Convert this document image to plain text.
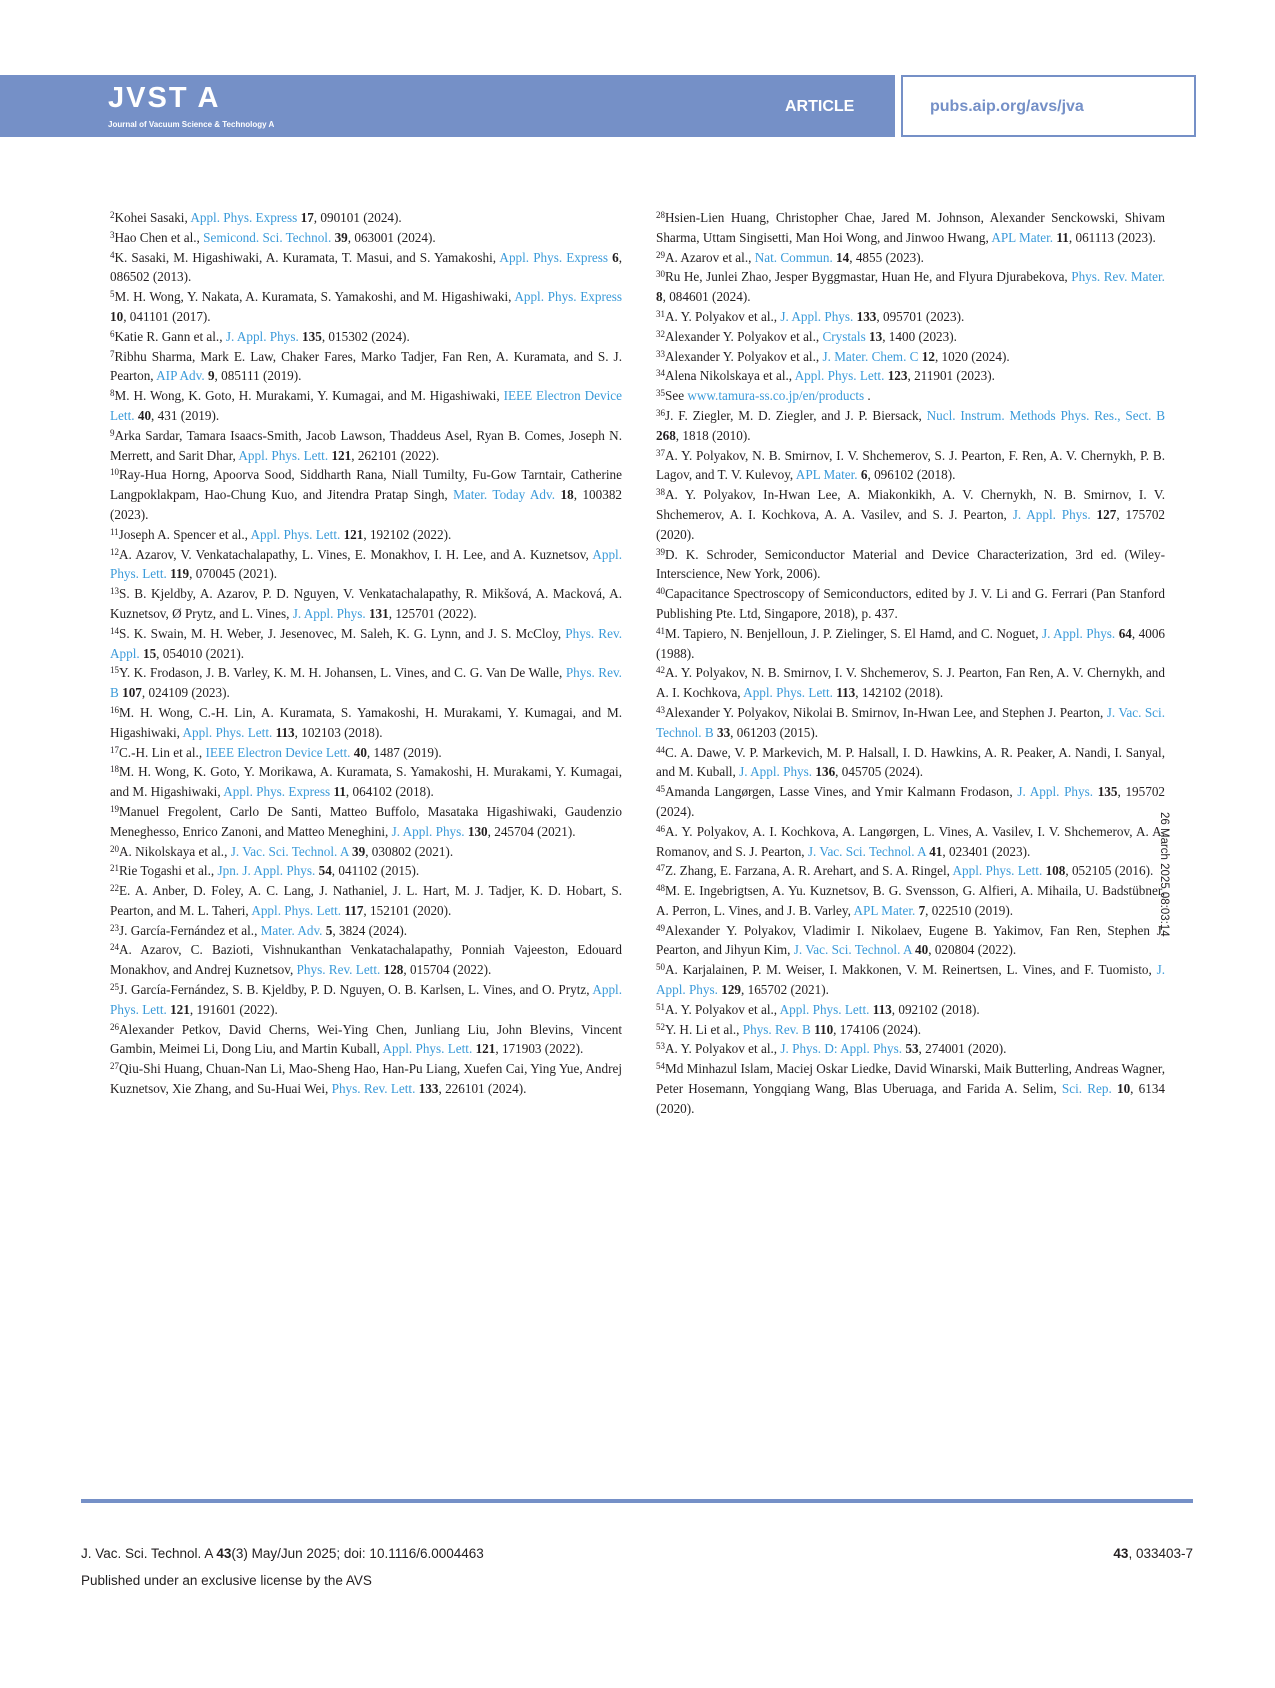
JVST A
Journal of Vacuum Science & Technology A
ARTICLE	pubs.aip.org/avs/jva

$^2$Kohei Sasaki, Appl. Phys. Express 17, 090101 (2024).

$^3$Hao Chen et al., Semicond. Sci. Technol. 39, 063001 (2024).

$^4$K. Sasaki, M. Higashiwaki, A. Kuramata, T. Masui, and S. Yamakoshi, Appl. Phys. Express 6, 086502 (2013).

$^5$M. H. Wong, Y. Nakata, A. Kuramata, S. Yamakoshi, and M. Higashiwaki, Appl. Phys. Express 10, 041101 (2017).

$^6$Katie R. Gann et al., J. Appl. Phys. 135, 015302 (2024).

$^7$Ribhu Sharma, Mark E. Law, Chaker Fares, Marko Tadjer, Fan Ren, A. Kuramata, and S. J. Pearton, AIP Adv. 9, 085111 (2019).

$^8$M. H. Wong, K. Goto, H. Murakami, Y. Kumagai, and M. Higashiwaki, IEEE Electron Device Lett. 40, 431 (2019).

$^9$Arka Sardar, Tamara Isaacs-Smith, Jacob Lawson, Thaddeus Asel, Ryan B. Comes, Joseph N. Merrett, and Sarit Dhar, Appl. Phys. Lett. 121, 262101 (2022).

$^{10}$Ray-Hua Horng, Apoorva Sood, Siddharth Rana, Niall Tumilty, Fu-Gow Tarntair, Catherine Langpoklakpam, Hao-Chung Kuo, and Jitendra Pratap Singh, Mater. Today Adv. 18, 100382 (2023).

$^{11}$Joseph A. Spencer et al., Appl. Phys. Lett. 121, 192102 (2022).

$^{12}$A. Azarov, V. Venkatachalapathy, L. Vines, E. Monakhov, I. H. Lee, and A. Kuznetsov, Appl. Phys. Lett. 119, 070045 (2021).

$^{13}$S. B. Kjeldby, A. Azarov, P. D. Nguyen, V. Venkatachalapathy, R. Mikšová, A. Macková, A. Kuznetsov, Ø Prytz, and L. Vines, J. Appl. Phys. 131, 125701 (2022).

$^{14}$S. K. Swain, M. H. Weber, J. Jesenovec, M. Saleh, K. G. Lynn, and J. S. McCloy, Phys. Rev. Appl. 15, 054010 (2021).

$^{15}$Y. K. Frodason, J. B. Varley, K. M. H. Johansen, L. Vines, and C. G. Van De Walle, Phys. Rev. B 107, 024109 (2023).

$^{16}$M. H. Wong, C.-H. Lin, A. Kuramata, S. Yamakoshi, H. Murakami, Y. Kumagai, and M. Higashiwaki, Appl. Phys. Lett. 113, 102103 (2018).

$^{17}$C.-H. Lin et al., IEEE Electron Device Lett. 40, 1487 (2019).

$^{18}$M. H. Wong, K. Goto, Y. Morikawa, A. Kuramata, S. Yamakoshi, H. Murakami, Y. Kumagai, and M. Higashiwaki, Appl. Phys. Express 11, 064102 (2018).

$^{19}$Manuel Fregolent, Carlo De Santi, Matteo Buffolo, Masataka Higashiwaki, Gaudenzio Meneghesso, Enrico Zanoni, and Matteo Meneghini, J. Appl. Phys. 130, 245704 (2021).

$^{20}$A. Nikolskaya et al., J. Vac. Sci. Technol. A 39, 030802 (2021).

$^{21}$Rie Togashi et al., Jpn. J. Appl. Phys. 54, 041102 (2015).

$^{22}$E. A. Anber, D. Foley, A. C. Lang, J. Nathaniel, J. L. Hart, M. J. Tadjer, K. D. Hobart, S. Pearton, and M. L. Taheri, Appl. Phys. Lett. 117, 152101 (2020).

$^{23}$J. García-Fernández et al., Mater. Adv. 5, 3824 (2024).

$^{24}$A. Azarov, C. Bazioti, Vishnukanthan Venkatachalapathy, Ponniah Vajeeston, Edouard Monakhov, and Andrej Kuznetsov, Phys. Rev. Lett. 128, 015704 (2022).

$^{25}$J. García-Fernández, S. B. Kjeldby, P. D. Nguyen, O. B. Karlsen, L. Vines, and O. Prytz, Appl. Phys. Lett. 121, 191601 (2022).

$^{26}$Alexander Petkov, David Cherns, Wei-Ying Chen, Junliang Liu, John Blevins, Vincent Gambin, Meimei Li, Dong Liu, and Martin Kuball, Appl. Phys. Lett. 121, 171903 (2022).

$^{27}$Qiu-Shi Huang, Chuan-Nan Li, Mao-Sheng Hao, Han-Pu Liang, Xuefen Cai, Ying Yue, Andrej Kuznetsov, Xie Zhang, and Su-Huai Wei, Phys. Rev. Lett. 133, 226101 (2024).

$^{28}$Hsien-Lien Huang, Christopher Chae, Jared M. Johnson, Alexander Senckowski, Shivam Sharma, Uttam Singisetti, Man Hoi Wong, and Jinwoo Hwang, APL Mater. 11, 061113 (2023).

$^{29}$A. Azarov et al., Nat. Commun. 14, 4855 (2023).

$^{30}$Ru He, Junlei Zhao, Jesper Byggmastar, Huan He, and Flyura Djurabekova, Phys. Rev. Mater. 8, 084601 (2024).

$^{31}$A. Y. Polyakov et al., J. Appl. Phys. 133, 095701 (2023).

$^{32}$Alexander Y. Polyakov et al., Crystals 13, 1400 (2023).

$^{33}$Alexander Y. Polyakov et al., J. Mater. Chem. C 12, 1020 (2024).

$^{34}$Alena Nikolskaya et al., Appl. Phys. Lett. 123, 211901 (2023).

$^{35}$See www.tamura-ss.co.jp/en/products .

$^{36}$J. F. Ziegler, M. D. Ziegler, and J. P. Biersack, Nucl. Instrum. Methods Phys. Res., Sect. B 268, 1818 (2010).

$^{37}$A. Y. Polyakov, N. B. Smirnov, I. V. Shchemerov, S. J. Pearton, F. Ren, A. V. Chernykh, P. B. Lagov, and T. V. Kulevoy, APL Mater. 6, 096102 (2018).

$^{38}$A. Y. Polyakov, In-Hwan Lee, A. Miakonkikh, A. V. Chernykh, N. B. Smirnov, I. V. Shchemerov, A. I. Kochkova, A. A. Vasilev, and S. J. Pearton, J. Appl. Phys. 127, 175702 (2020).

$^{39}$D. K. Schroder, Semiconductor Material and Device Characterization, 3rd ed. (Wiley-Interscience, New York, 2006).

$^{40}$Capacitance Spectroscopy of Semiconductors, edited by J. V. Li and G. Ferrari (Pan Stanford Publishing Pte. Ltd, Singapore, 2018), p. 437.

$^{41}$M. Tapiero, N. Benjelloun, J. P. Zielinger, S. El Hamd, and C. Noguet, J. Appl. Phys. 64, 4006 (1988).

$^{42}$A. Y. Polyakov, N. B. Smirnov, I. V. Shchemerov, S. J. Pearton, Fan Ren, A. V. Chernykh, and A. I. Kochkova, Appl. Phys. Lett. 113, 142102 (2018).

$^{43}$Alexander Y. Polyakov, Nikolai B. Smirnov, In-Hwan Lee, and Stephen J. Pearton, J. Vac. Sci. Technol. B 33, 061203 (2015).

$^{44}$C. A. Dawe, V. P. Markevich, M. P. Halsall, I. D. Hawkins, A. R. Peaker, A. Nandi, I. Sanyal, and M. Kuball, J. Appl. Phys. 136, 045705 (2024).

$^{45}$Amanda Langørgen, Lasse Vines, and Ymir Kalmann Frodason, J. Appl. Phys. 135, 195702 (2024).

$^{46}$A. Y. Polyakov, A. I. Kochkova, A. Langørgen, L. Vines, A. Vasilev, I. V. Shchemerov, A. A. Romanov, and S. J. Pearton, J. Vac. Sci. Technol. A 41, 023401 (2023).

$^{47}$Z. Zhang, E. Farzana, A. R. Arehart, and S. A. Ringel, Appl. Phys. Lett. 108, 052105 (2016).

$^{48}$M. E. Ingebrigtsen, A. Yu. Kuznetsov, B. G. Svensson, G. Alfieri, A. Mihaila, U. Badstübner, A. Perron, L. Vines, and J. B. Varley, APL Mater. 7, 022510 (2019).

$^{49}$Alexander Y. Polyakov, Vladimir I. Nikolaev, Eugene B. Yakimov, Fan Ren, Stephen J. Pearton, and Jihyun Kim, J. Vac. Sci. Technol. A 40, 020804 (2022).

$^{50}$A. Karjalainen, P. M. Weiser, I. Makkonen, V. M. Reinertsen, L. Vines, and F. Tuomisto, J. Appl. Phys. 129, 165702 (2021).

$^{51}$A. Y. Polyakov et al., Appl. Phys. Lett. 113, 092102 (2018).

$^{52}$Y. H. Li et al., Phys. Rev. B 110, 174106 (2024).

$^{53}$A. Y. Polyakov et al., J. Phys. D: Appl. Phys. 53, 274001 (2020).

$^{54}$Md Minhazul Islam, Maciej Oskar Liedke, David Winarski, Maik Butterling, Andreas Wagner, Peter Hosemann, Yongqiang Wang, Blas Uberuaga, and Farida A. Selim, Sci. Rep. 10, 6134 (2020).

26 March 2025 08:03:14
J. Vac. Sci. Technol. A 43(3) May/Jun 2025; doi: 10.1116/6.0004463	43, 033403-7
Published under an exclusive license by the AVS
